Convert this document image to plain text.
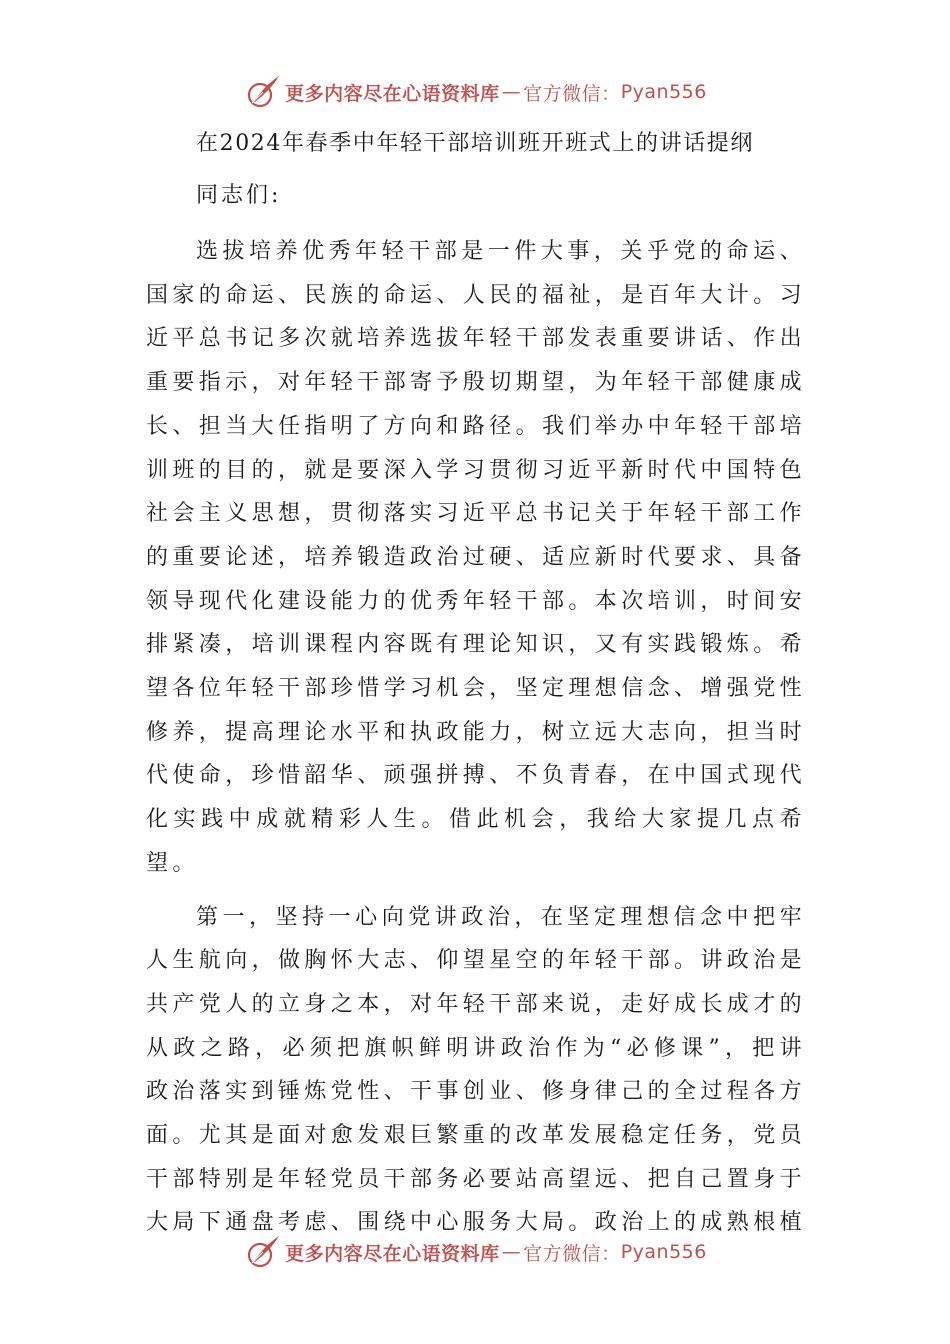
更多内容尽在心语资料库 — 官方微信： Pyan556
在2024年春季中年轻干部培训班开班式上的讲话提纲
同志们:

选拔培养优秀年轻干部是一件大事，关乎党的命运、国家的命运、民族的命运、人民的福祉，是百年大计。习近平总书记多次就培养选拔年轻干部发表重要讲话、作出重要指示，对年轻干部寄予殷切期望，为年轻干部健康成长、担当大任指明了方向和路径。我们举办中年轻干部培训班的目的，就是要深入学习贯彻习近平新时代中国特色社会主义思想，贯彻落实习近平总书记关于年轻干部工作的重要论述，培养锻造政治过硬、适应新时代要求、具备领导现代化建设能力的优秀年轻干部。本次培训，时间安排紧凑，培训课程内容既有理论知识，又有实践锻炼。希望各位年轻干部珍惜学习机会，坚定理想信念、增强党性修养，提高理论水平和执政能力，树立远大志向，担当时代使命，珍惜韶华、顽强拼搏、不负青春，在中国式现代化实践中成就精彩人生。借此机会，我给大家提几点希望。

第一，坚持一心向党讲政治，在坚定理想信念中把牢人生航向，做胸怀大志、仰望星空的年轻干部。讲政治是共产党人的立身之本，对年轻干部来说，走好成长成才的从政之路，必须把旗帜鲜明讲政治作为“必修课”，把讲政治落实到锤炼党性、干事创业、修身律己的全过程各方面。尤其是面对愈发艰巨繁重的改革发展稳定任务，党员干部特别是年轻党员干部务必要站高望远、把自己置身于大局下通盘考虑、围绕中心服务大局。政治上的成熟根植

更多内容尽在心语资料库 — 官方微信： Pyan556
